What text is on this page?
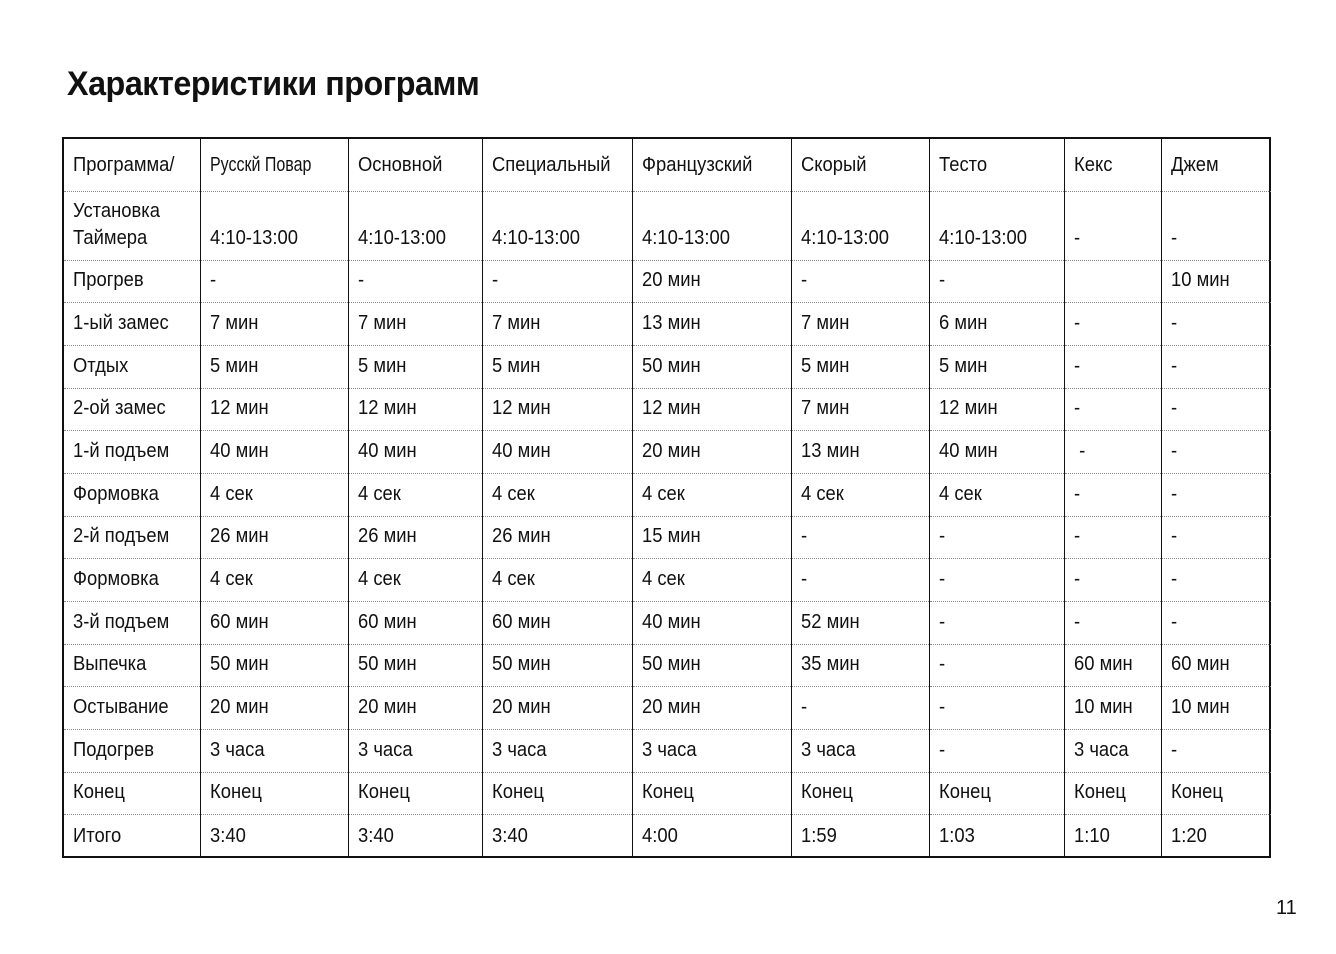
Характеристики программ
Программа/	Русскй Повар	Основной	Специальный	Французский	Скорый	Тесто	Кекс	Джем
Установка
Таймера	4:10-13:00	4:10-13:00	4:10-13:00	4:10-13:00	4:10-13:00	4:10-13:00	-	-
Прогрев	-	-	-	20 мин	-	-		10 мин
1-ый замес	7 мин	7 мин	7 мин	13 мин	7 мин	6 мин	-	-
Отдых	5 мин	5 мин	5 мин	50 мин	5 мин	5 мин	-	-
2-ой замес	12 мин	12 мин	12 мин	12 мин	7 мин	12 мин	-	-
1-й подъем	40 мин	40 мин	40 мин	20 мин	13 мин	40 мин	-	-
Формовка	4 сек	4 сек	4 сек	4 сек	4 сек	4 сек	-	-
2-й подъем	26 мин	26 мин	26 мин	15 мин	-	-	-	-
Формовка	4 сек	4 сек	4 сек	4 сек	-	-	-	-
3-й подъем	60 мин	60 мин	60 мин	40 мин	52 мин	-	-	-
Выпечка	50 мин	50 мин	50 мин	50 мин	35 мин	-	60 мин	60 мин
Остывание	20 мин	20 мин	20 мин	20 мин	-	-	10 мин	10 мин
Подогрев	3 часа	3 часа	3 часа	3 часа	3 часа	-	3 часа	-
Конец	Конец	Конец	Конец	Конец	Конец	Конец	Конец	Конец
Итого	3:40	3:40	3:40	4:00	1:59	1:03	1:10	1:20
11
